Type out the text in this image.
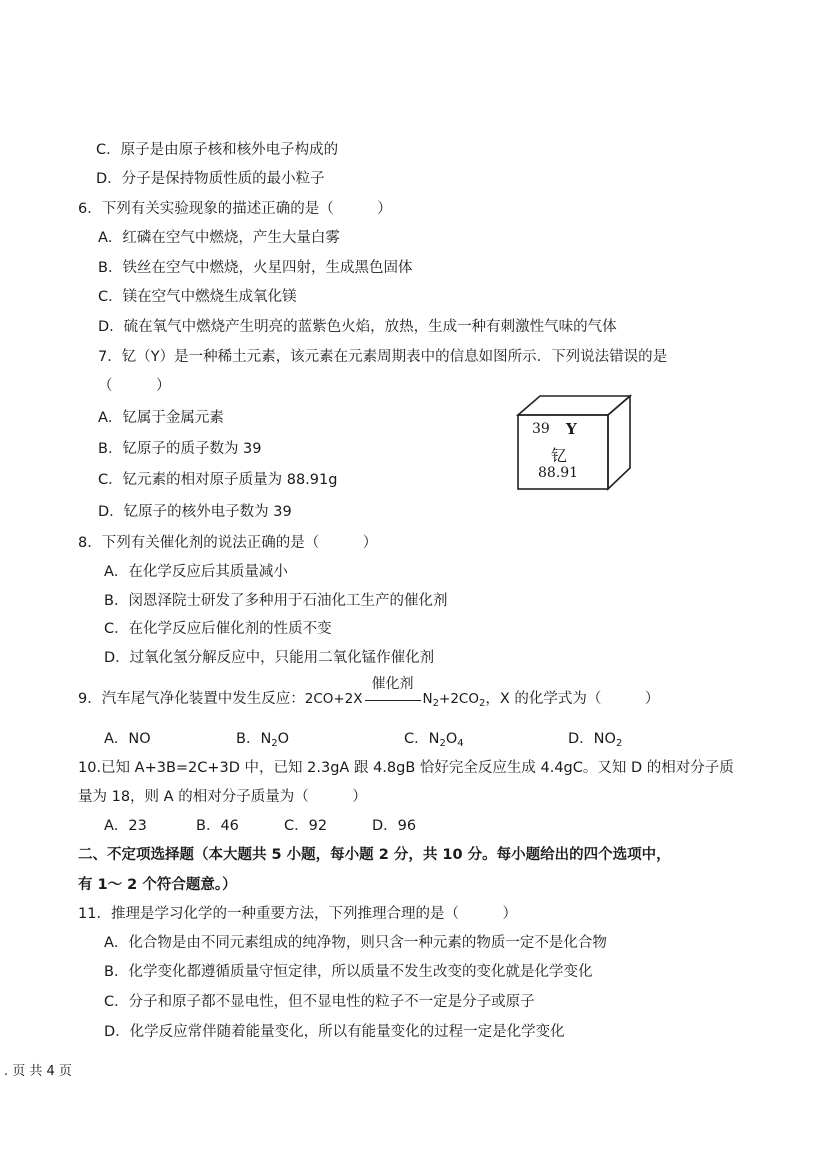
C．原子是由原子核和核外电子构成的
D．分子是保持物质性质的最小粒子
6．下列有关实验现象的描述正确的是（　　　）
A．红磷在空气中燃烧，产生大量白雾
B．铁丝在空气中燃烧，火星四射，生成黑色固体
C．镁在空气中燃烧生成氧化镁
D．硫在氧气中燃烧产生明亮的蓝紫色火焰，放热，生成一种有刺激性气味的气体
7．钇（Y）是一种稀土元素，该元素在元素周期表中的信息如图所示．下列说法错误的是
（　　　）
A．钇属于金属元素
B．钇原子的质子数为 39
C．钇元素的相对原子质量为 88.91g
D．钇原子的核外电子数为 39
39 Y
钇
88.91
8．下列有关催化剂的说法正确的是（　　　）
A．在化学反应后其质量减小
B．闵恩泽院士研发了多种用于石油化工生产的催化剂
C．在化学反应后催化剂的性质不变
D．过氧化氢分解反应中，只能用二氧化锰作催化剂
9．汽车尾气净化装置中发生反应：2CO+2X
催化剂
$N_2+2CO_2$，X 的化学式为（　　　）
A．NO	B．$N_2O$	C．$N_2O_4$	D．$NO_2$
10.已知 A+3B=2C+3D 中，已知 2.3gA 跟 4.8gB 恰好完全反应生成 4.4gC。又知 D 的相对分子质
量为 18，则 A 的相对分子质量为（　　　）
A．23	B．46	C．92	D．96
二、不定项选择题（本大题共 5 小题，每小题 2 分，共 10 分。每小题给出的四个选项中，
有 1～ 2 个符合题意。）
11．推理是学习化学的一种重要方法，下列推理合理的是（　　　）
A．化合物是由不同元素组成的纯净物，则只含一种元素的物质一定不是化合物
B．化学变化都遵循质量守恒定律，所以质量不发生改变的变化就是化学变化
C．分子和原子都不显电性，但不显电性的粒子不一定是分子或原子
D．化学反应常伴随着能量变化，所以有能量变化的过程一定是化学变化
. 页 共 4 页
